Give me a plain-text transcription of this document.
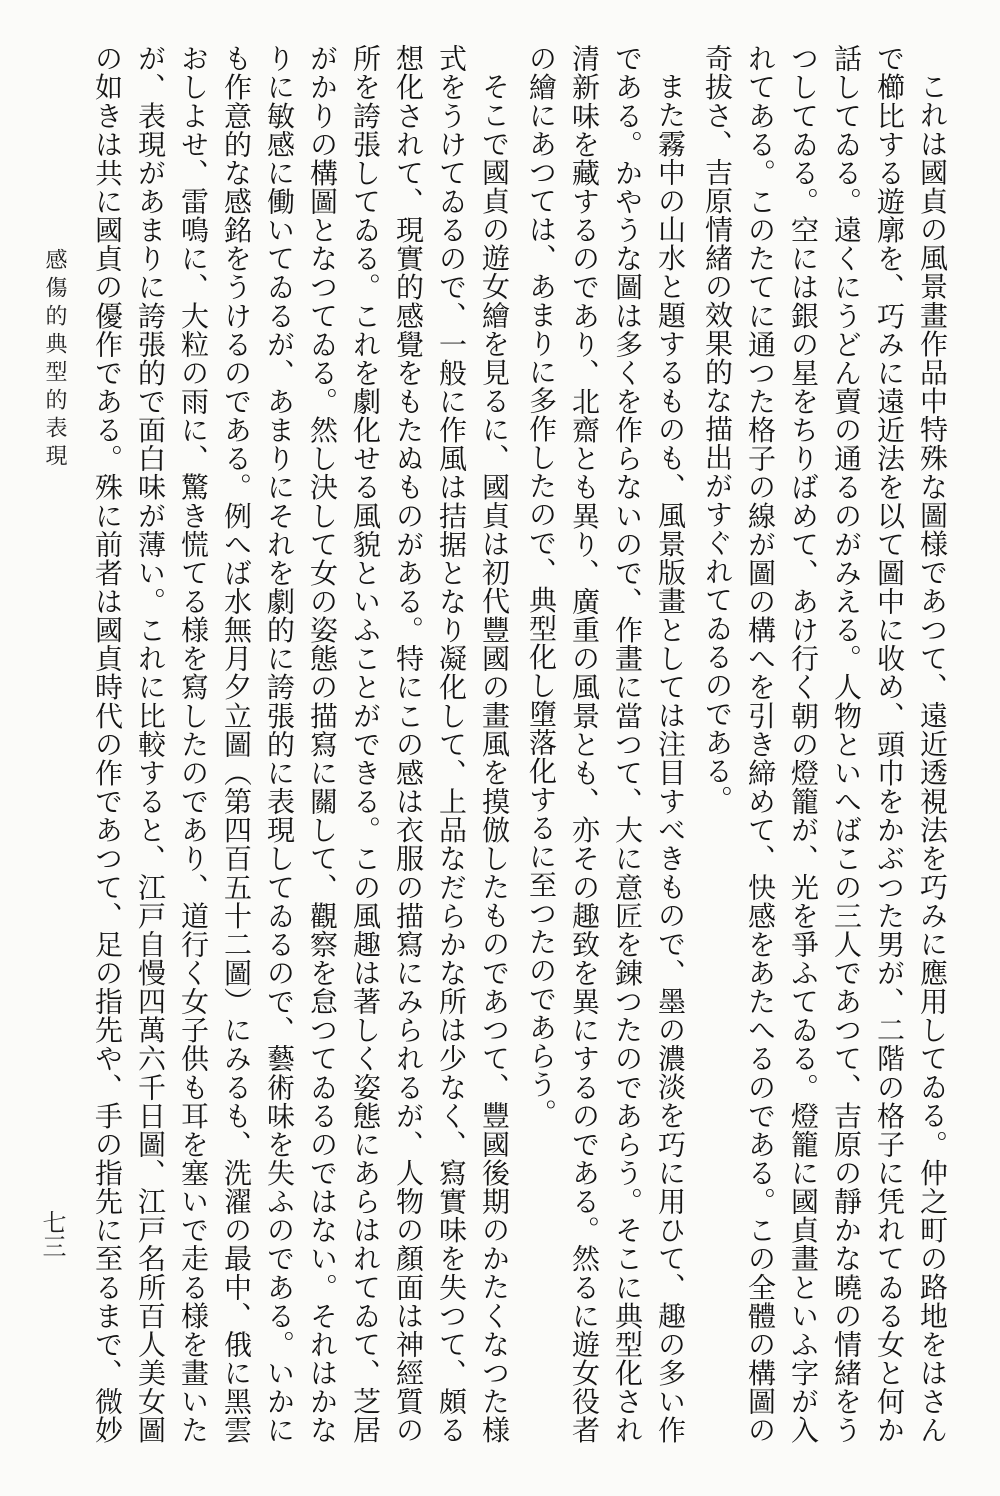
これは國貞の風景畫作品中特殊な圖様であつて、遠近透視法を巧みに應用してゐる。仲之町の路地をはさんで櫛比する遊廓を、巧みに遠近法を以て圖中に收め、頭巾をかぶつた男が、二階の格子に凭れてゐる女と何か話してゐる。遠くにうどん賣の通るのがみえる。人物といへばこの三人であつて、吉原の靜かな曉の情緒をうつしてゐる。空には銀の星をちりばめて、あけ行く朝の燈籠が、光を爭ふてゐる。燈籠に國貞畫といふ字が入れてある。このたてに通つた格子の線が圖の構へを引き締めて、快感をあたへるのである。この全體の構圖の奇拔さ、吉原情緒の效果的な描出がすぐれてゐるのである。

また霧中の山水と題するものも、風景版畫としては注目すべきもので、墨の濃淡を巧に用ひて、趣の多い作である。かやうな圖は多くを作らないので、作畫に當つて、大に意匠を錬つたのであらう。そこに典型化され清新味を藏するのであり、北齋とも異り、廣重の風景とも、亦その趣致を異にするのである。然るに遊女役者の繪にあつては、あまりに多作したので、典型化し墮落化するに至つたのであらう。

そこで國貞の遊女繪を見るに、國貞は初代豐國の畫風を摸倣したものであつて、豐國後期のかたくなつた様式をうけてゐるので、一般に作風は拮据となり凝化して、上品なだらかな所は少なく、寫實味を失つて、頗る想化されて、現實的感覺をもたぬものがある。特にこの感は衣服の描寫にみられるが、人物の顏面は神經質の所を誇張してゐる。これを劇化せる風貌といふことができる。この風趣は著しく姿態にあらはれてゐて、芝居がかりの構圖となつてゐる。然し決して女の姿態の描寫に關して、觀察を怠つてゐるのではない。それはかなりに敏感に働いてゐるが、あまりにそれを劇的に誇張的に表現してゐるので、藝術味を失ふのである。いかにも作意的な感銘をうけるのである。例へば水無月夕立圖（第四百五十二圖）にみるも、洗濯の最中、俄に黑雲おしよせ、雷鳴に、大粒の雨に、驚き慌てる様を寫したのであり、道行く女子供も耳を塞いで走る様を畫いたが、表現があまりに誇張的で面白味が薄い。これに比較すると、江戸自慢四萬六千日圖、江戸名所百人美女圖の如きは共に國貞の優作である。殊に前者は國貞時代の作であつて、足の指先や、手の指先に至るまで、微妙

感傷的典型的表現
七三
